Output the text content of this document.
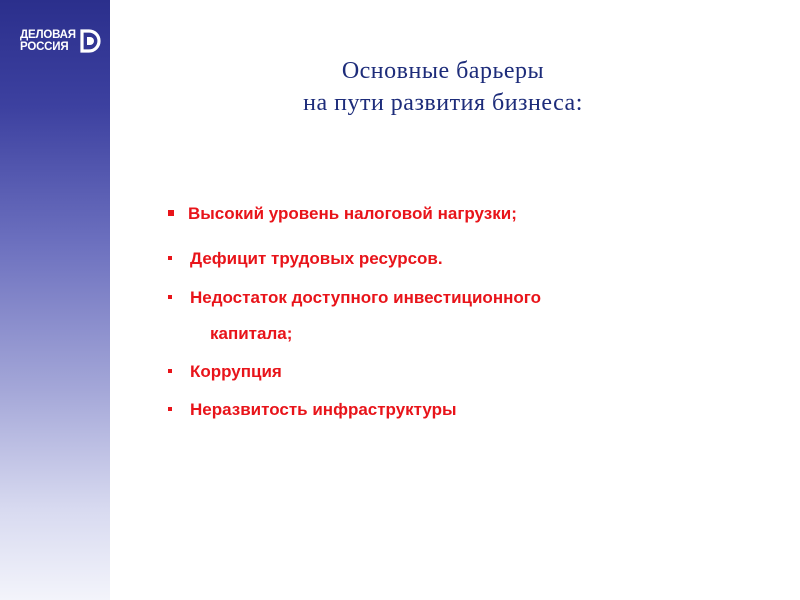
ДЕЛОВАЯ
РОССИЯ
Основные барьеры
на пути развития бизнеса:
Высокий уровень налоговой нагрузки;
Дефицит трудовых ресурсов.
Недостаток доступного инвестиционного
капитала;
Коррупция
Неразвитость инфраструктуры
